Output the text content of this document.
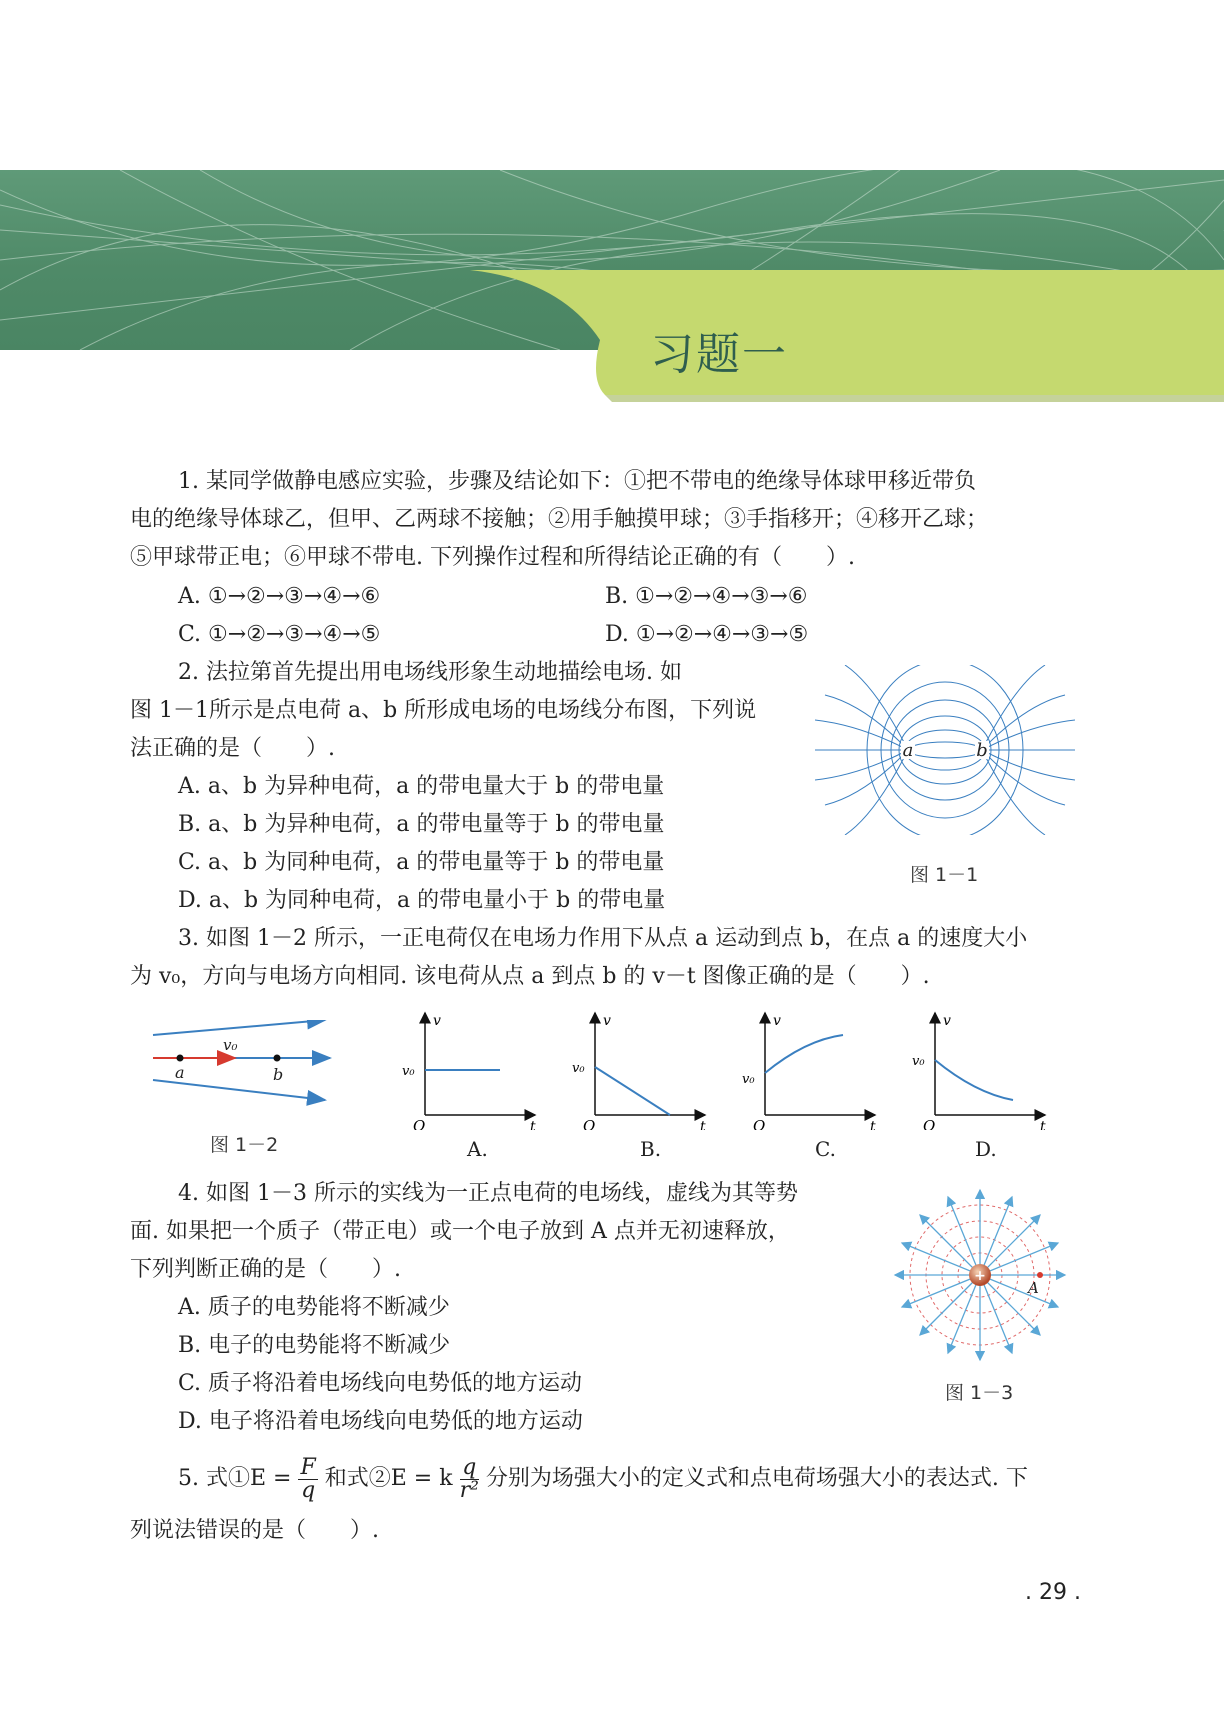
习题一

1. 某同学做静电感应实验，步骤及结论如下：①把不带电的绝缘导体球甲移近带负

电的绝缘导体球乙，但甲、乙两球不接触；②用手触摸甲球；③手指移开；④移开乙球；

⑤甲球带正电；⑥甲球不带电. 下列操作过程和所得结论正确的有（　　）.

A. ①→②→③→④→⑥	B. ①→②→④→③→⑥
C. ①→②→③→④→⑤	D. ①→②→④→③→⑤

2. 法拉第首先提出用电场线形象生动地描绘电场. 如

图 1－1所示是点电荷 a、b 所形成电场的电场线分布图，下列说

法正确的是（　　）.

A. a、b 为异种电荷，a 的带电量大于 b 的带电量
B. a、b 为异种电荷，a 的带电量等于 b 的带电量
C. a、b 为同种电荷，a 的带电量等于 b 的带电量
D. a、b 为同种电荷，a 的带电量小于 b 的带电量
a	b
图 1－1

3. 如图 1－2 所示，一正电荷仅在电场力作用下从点 a 运动到点 b，在点 a 的速度大小

为 v₀，方向与电场方向相同. 该电荷从点 a 到点 b 的 v－t 图像正确的是（　　）.

v₀
a	b
图 1－2
v
t
O
v₀
A.
v
t
O
v₀
B.
v
t
O
v₀
C.
v
t
O
v₀
D.

4. 如图 1－3 所示的实线为一正点电荷的电场线，虚线为其等势

面. 如果把一个质子（带正电）或一个电子放到 A 点并无初速释放，

下列判断正确的是（　　）.

A. 质子的电势能将不断减少
B. 电子的电势能将不断减少
C. 质子将沿着电场线向电势低的地方运动
D. 电子将沿着电场线向电势低的地方运动
+
A
图 1－3
5. 式①E = $\frac{F}{q}$ 和式②E = k $\frac{q}{\text{r²}}$ 分别为场强大小的定义式和点电荷场强大小的表达式. 下
列说法错误的是（　　）.
. 29 .
